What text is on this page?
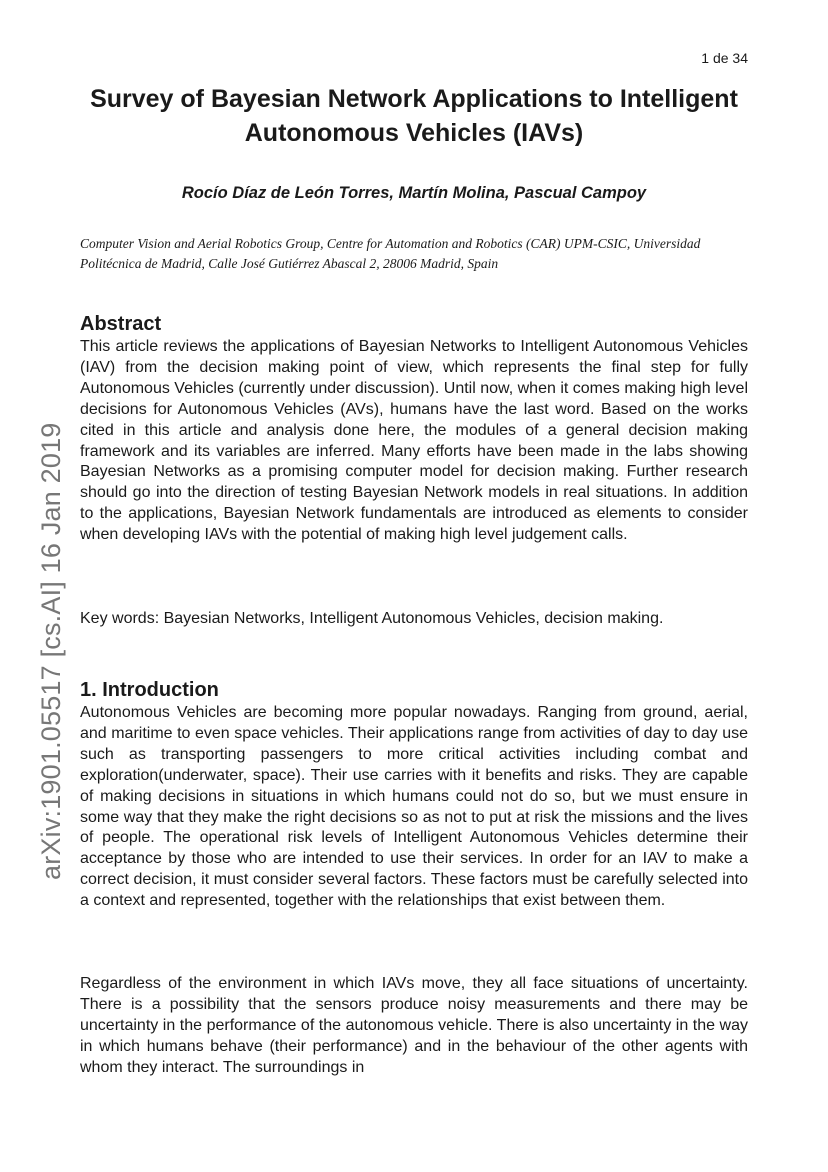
1 de 34
arXiv:1901.05517 [cs.AI] 16 Jan 2019
Survey of Bayesian Network Applications to Intelligent Autonomous Vehicles (IAVs)
Rocío Díaz de León Torres, Martín Molina, Pascual Campoy
Computer Vision and Aerial Robotics Group, Centre for Automation and Robotics (CAR) UPM-CSIC, Universidad Politécnica de Madrid, Calle José Gutiérrez Abascal 2, 28006 Madrid, Spain
Abstract

This article reviews the applications of Bayesian Networks to Intelligent Autonomous Vehicles (IAV) from the decision making point of view, which represents the final step for fully Autonomous Vehicles (currently under discussion). Until now, when it comes making high level decisions for Autonomous Vehicles (AVs), humans have the last word. Based on the works cited in this article and analysis done here, the modules of a general decision making framework and its variables are inferred. Many efforts have been made in the labs showing Bayesian Networks as a promising computer model for decision making. Further research should go into the direction of testing Bayesian Network models in real situations. In addition to the applications, Bayesian Network fundamentals are introduced as elements to consider when developing IAVs with the potential of making high level judgement calls.

Key words: Bayesian Networks, Intelligent Autonomous Vehicles, decision making.

1. Introduction

Autonomous Vehicles are becoming more popular nowadays. Ranging from ground, aerial, and maritime to even space vehicles. Their applications range from activities of day to day use such as transporting passengers to more critical activities including combat and exploration(underwater, space). Their use carries with it benefits and risks. They are capable of making decisions in situations in which humans could not do so, but we must ensure in some way that they make the right decisions so as not to put at risk the missions and the lives of people. The operational risk levels of Intelligent Autonomous Vehicles determine their acceptance by those who are intended to use their services. In order for an IAV to make a correct decision, it must consider several factors. These factors must be carefully selected into a context and represented, together with the relationships that exist between them.

Regardless of the environment in which IAVs move, they all face situations of uncertainty. There is a possibility that the sensors produce noisy measurements and there may be uncertainty in the performance of the autonomous vehicle. There is also uncertainty in the way in which humans behave (their performance) and in the behaviour of the other agents with whom they interact. The surroundings in
